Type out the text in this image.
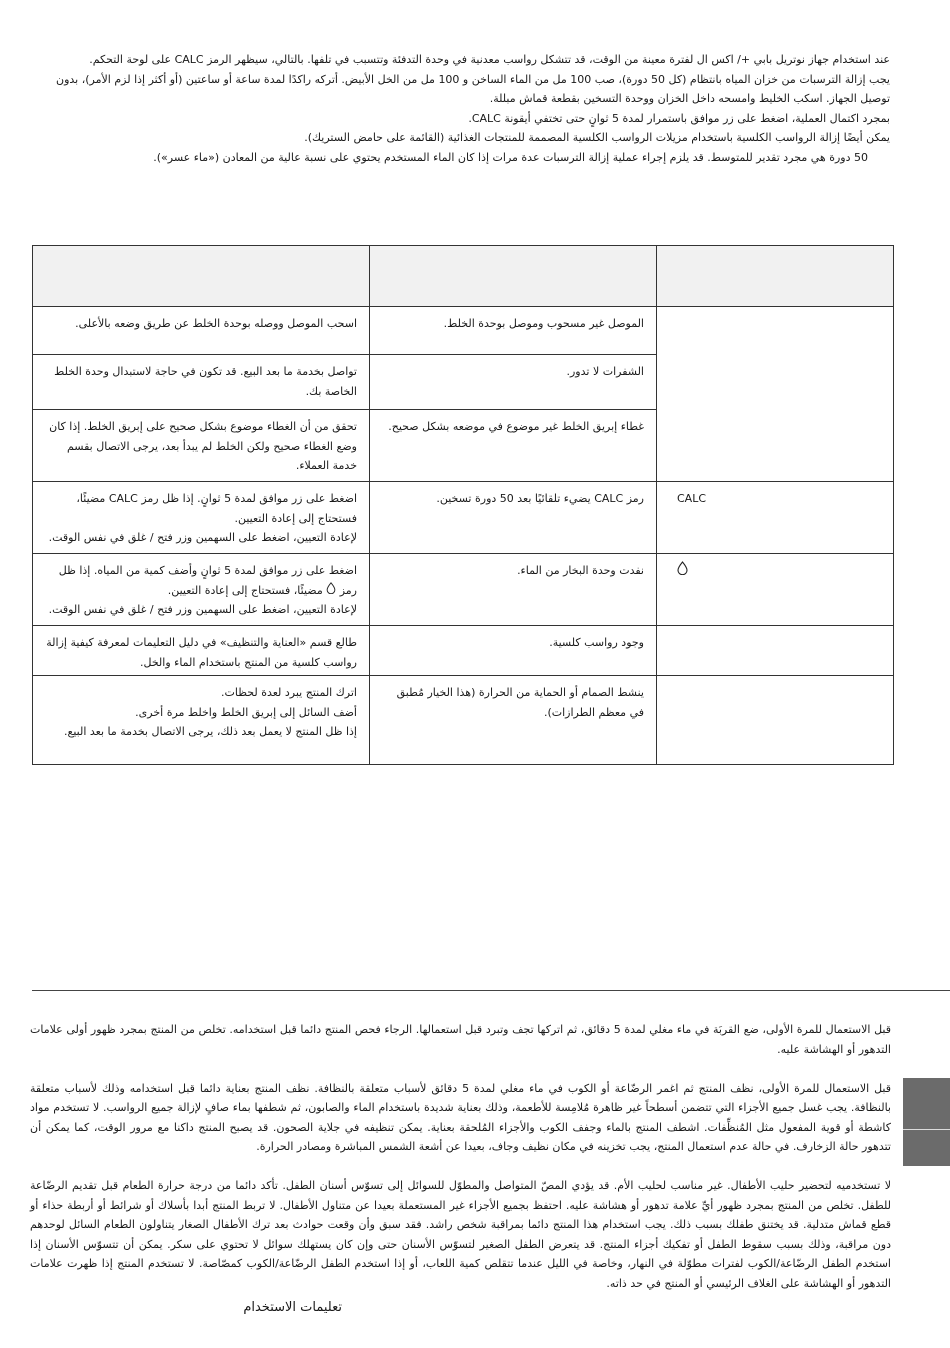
عند استخدام جهاز نوتريل بابي +/ اكس ال لفترة معينة من الوقت، قد تتشكل رواسب معدنية في وحدة التدفئة وتتسبب في تلفها. بالتالي، سيظهر الرمز CALC على لوحة التحكم.

يجب إزالة الترسبات من خزان المياه بانتظام (كل 50 دورة)، صب 100 مل من الماء الساخن و 100 مل من الخل الأبيض. أتركه راكدًا لمدة ساعة أو ساعتين (أو أكثر إذا لزم الأمر)، بدون توصيل الجهاز. اسكب الخليط وامسحه داخل الخزان ووحدة التسخين بقطعة قماش مبللة.

بمجرد اكتمال العملية، اضغط على زر موافق باستمرار لمدة 5 ثوانٍ حتى تختفي أيقونة CALC.

يمكن أيضًا إزالة الرواسب الكلسية باستخدام مزيلات الرواسب الكلسية المصممة للمنتجات الغذائية (القائمة على حامض الستريك).

50 دورة هي مجرد تقدير للمتوسط. قد يلزم إجراء عملية إزالة الترسبات عدة مرات إذا كان الماء المستخدم يحتوي على نسبة عالية من المعادن («ماء عسر»).

	الموصل غير مسحوب وموصل بوحدة الخلط.	اسحب الموصل ووصله بوحدة الخلط عن طريق وضعه بالأعلى.
	الشفرات لا تدور.	تواصل بخدمة ما بعد البيع. قد تكون في حاجة لاستبدال وحدة الخلط الخاصة بك.
	غطاء إبريق الخلط غير موضوع في موضعه بشكل صحيح.	تحقق من أن الغطاء موضوع بشكل صحيح على إبريق الخلط. إذا كان وضع الغطاء صحيح ولكن الخلط لم يبدأ بعد، يرجى الاتصال بقسم خدمة العملاء.
CALC	رمز CALC يضيء تلقائيًا بعد 50 دورة تسخين.	اضغط على زر موافق لمدة 5 ثوانٍ. إذا ظل رمز CALC مضيئًا، فستحتاج إلى إعادة التعيين.
لإعادة التعيين، اضغط على السهمين وزر فتح / غلق في نفس الوقت.
	نفدت وحدة البخار من الماء.	اضغط على زر موافق لمدة 5 ثوانٍ وأضف كمية من المياه. إذا ظل رمز  مضيئًا، فستحتاج إلى إعادة التعيين.
لإعادة التعيين، اضغط على السهمين وزر فتح / غلق في نفس الوقت.
	وجود رواسب كلسية.	طالع قسم «العناية والتنظيف» في دليل التعليمات لمعرفة كيفية إزالة رواسب كلسية من المنتج باستخدام الماء والخل.
	ينشط الصمام أو الحماية من الحرارة (هذا الخيار مُطبق في معظم الطرازات).	اترك المنتج يبرد لعدة لحظات.
أضف السائل إلى إبريق الخلط واخلط مرة أخرى.
إذا ظل المنتج لا يعمل بعد ذلك، يرجى الاتصال بخدمة ما بعد البيع.

قبل الاستعمال للمرة الأولى، ضع القربَة في ماء مغلي لمدة 5 دقائق، ثم اتركها تجف وتبرد قبل استعمالها. الرجاء فحص المنتج دائما قبل استخدامه. تخلص من المنتج بمجرد ظهور أولى علامات التدهور أو الهشاشة عليه.

قبل الاستعمال للمرة الأولى، نظف المنتج ثم اغمر الرضّاعة أو الكوب في ماء مغلي لمدة 5 دقائق لأسباب متعلقة بالنظافة. نظف المنتج بعناية دائما قبل استخدامه وذلك لأسباب متعلقة بالنظافة. يجب غسل جميع الأجزاء التي تتضمن أسطحاً غير ظاهرة مُلامِسة للأطعمة، وذلك بعناية شديدة باستخدام الماء والصابون، ثم شطفها بماء صافٍ لإزالة جميع الرواسب. لا تستخدم مواد كاشطة أو قوية المفعول مثل المُنظِّفات. اشطف المنتج بالماء وجفف الكوب والأجزاء المُلحقة بعناية. يمكن تنظيفه في جلاية الصحون. قد يصبح المنتج داكنا مع مرور الوقت، كما يمكن أن تتدهور حالة الزخارف. في حالة عدم استعمال المنتج، يجب تخزينه في مكان نظيف وجاف، بعيدا عن أشعة الشمس المباشرة ومصادر الحرارة.

لا تستخدميه لتحضير حليب الأطفال. غير مناسب لحليب الأم. قد يؤدي المصّ المتواصل والمطوّل للسوائل إلى تسوّس أسنان الطفل. تأكد دائما من درجة حرارة الطعام قبل تقديم الرضّاعة للطفل. تخلص من المنتج بمجرد ظهور أيِّ علامة تدهور أو هشاشة عليه. احتفظ بجميع الأجزاء غير المستعملة بعيدا عن متناول الأطفال. لا تربط المنتج أبدا بأسلاك أو شرائط أو أربطة حذاء أو قطع قماش متدلية. قد يختنق طفلك بسبب ذلك. يجب استخدام هذا المنتج دائما بمراقبة شخص راشد. فقد سبق وأن وقعت حوادث بعد ترك الأطفال الصغار يتناولون الطعام السائل لوحدهم دون مراقبة، وذلك بسبب سقوط الطفل أو تفكيك أجزاء المنتج. قد يتعرض الطفل الصغير لتسوّس الأسنان حتى وإن كان يستهلك سوائل لا تحتوي على سكر. يمكن أن تتسوّس الأسنان إذا استخدم الطفل الرضّاعة/الكوب لفترات مطوّلة في النهار، وخاصة في الليل عندما تتقلص كمية اللعاب، أو إذا استخدم الطفل الرضّاعة/الكوب كمصّاصة. لا تستخدم المنتج إذا ظهرت علامات التدهور أو الهشاشة على الغلاف الرئيسي أو المنتج في حد ذاته.

تعليمات الاستخدام
